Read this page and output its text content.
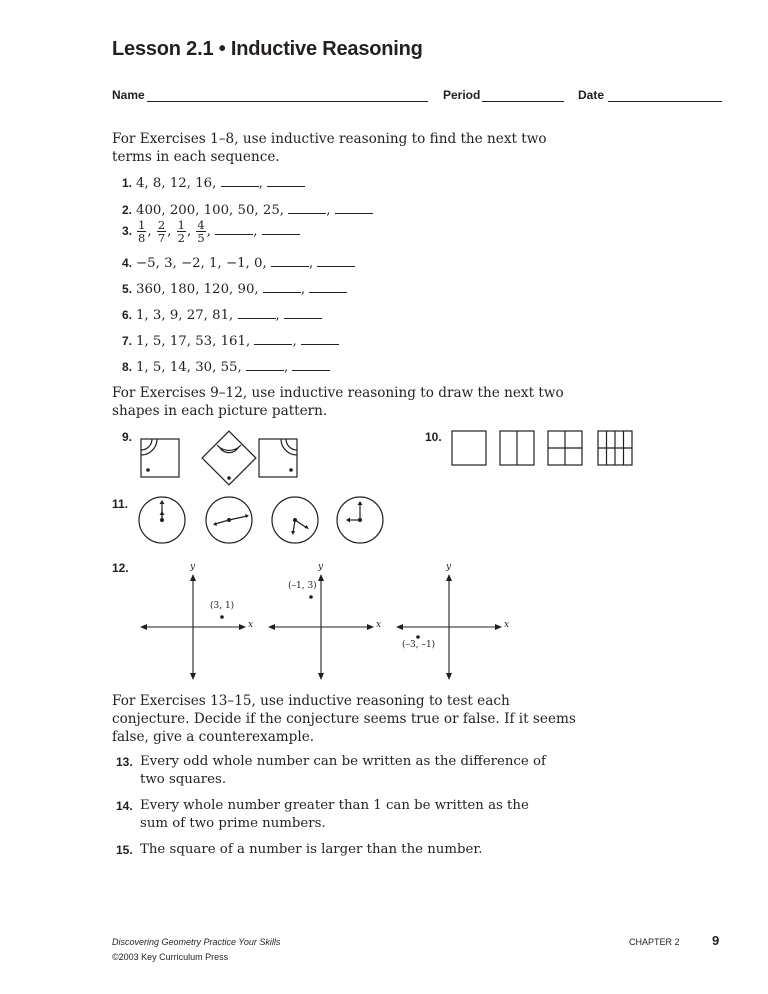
Lesson 2.1 • Inductive Reasoning
Name	Period	Date
For Exercises 1–8, use inductive reasoning to find the next two terms in each sequence.
1. 4, 8, 12, 16,	,
2. 400, 200, 100, 50, 25,	,
3. $\frac{1}{8}$ , $\frac{2}{7}$ , $\frac{1}{2}$ , $\frac{4}{5}$ ,	,
4. −5, 3, −2, 1, −1, 0,	,
5. 360, 180, 120, 90,	,
6. 1, 3, 9, 27, 81,	,
7. 1, 5, 17, 53, 161,	,
8. 1, 5, 14, 30, 55,	,
For Exercises 9–12, use inductive reasoning to draw the next two shapes in each picture pattern.
9.	10.
11.
12.
x
y
(3, 1)
x
y
(–1, 3)
x
y
(–3, –1)
For Exercises 13–15, use inductive reasoning to test each conjecture. Decide if the conjecture seems true or false. If it seems false, give a counterexample.
13. Every odd whole number can be written as the difference of two squares.
14. Every whole number greater than 1 can be written as the sum of two prime numbers.
15. The square of a number is larger than the number.
Discovering Geometry Practice Your Skills
©2003 Key Curriculum Press
CHAPTER 2 9
